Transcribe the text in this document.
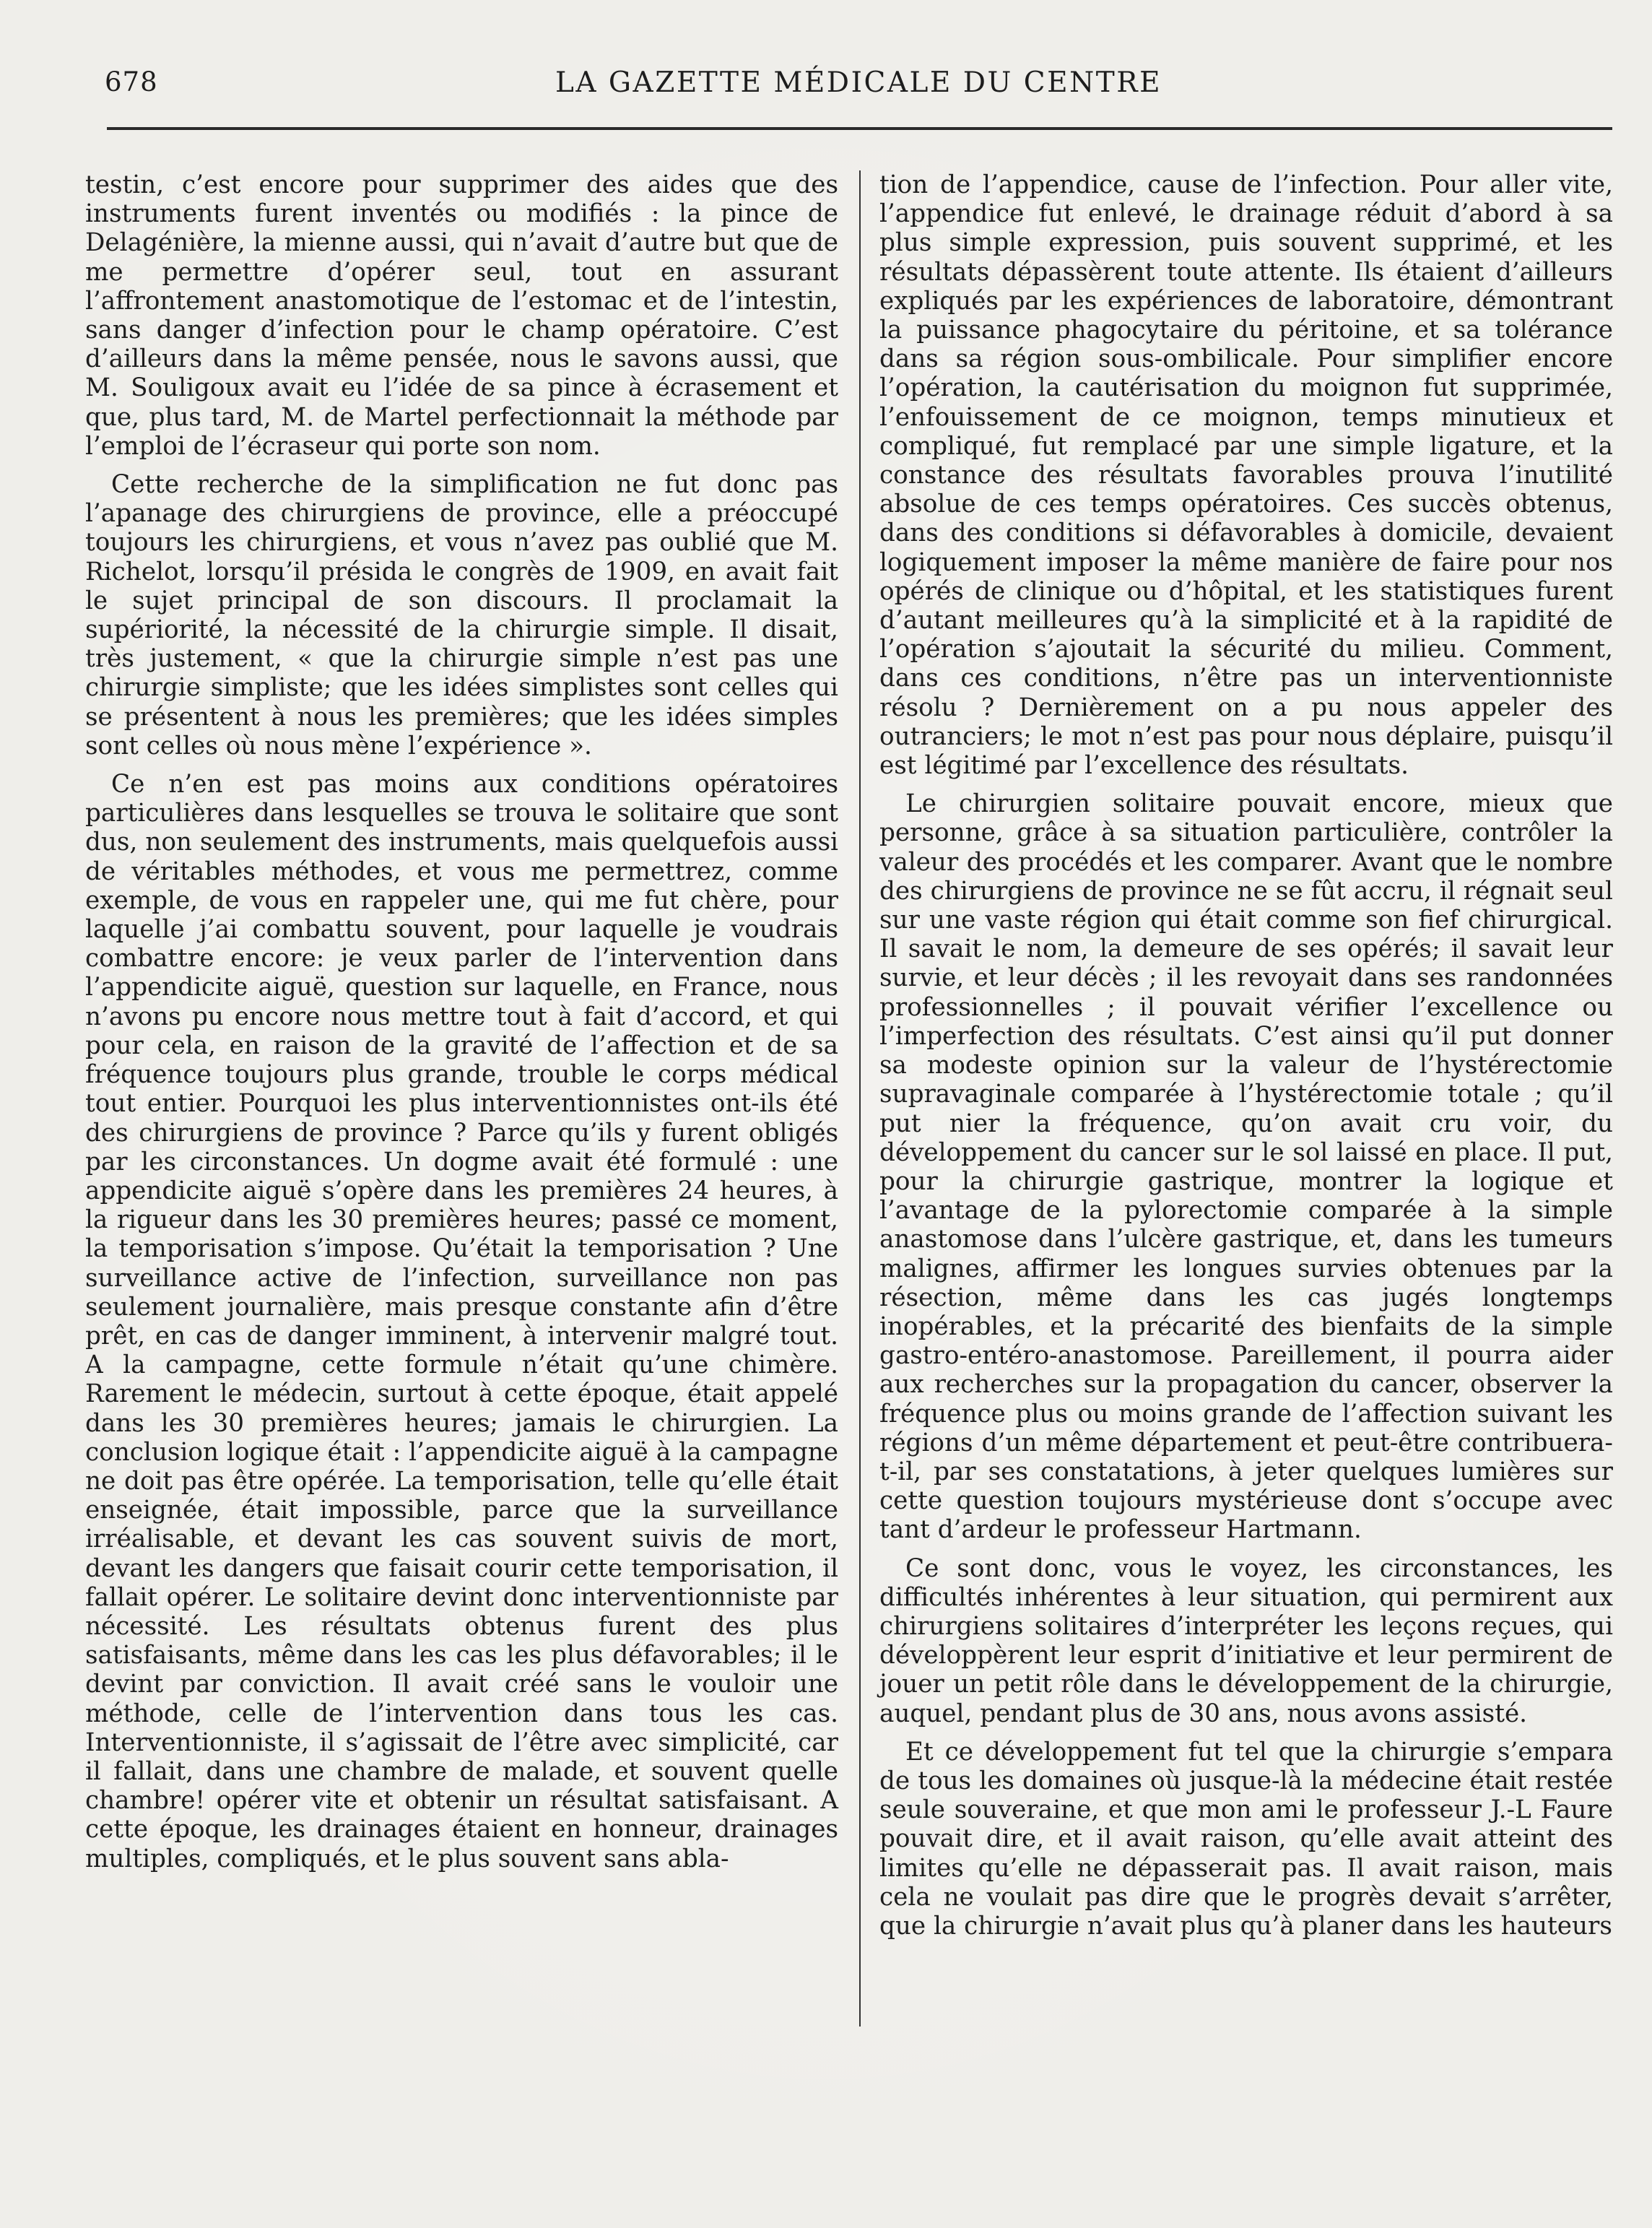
678	LA GAZETTE MÉDICALE DU CENTRE

testin, c’est encore pour supprimer des aides que des instruments furent inventés ou modifiés : la pince de Delagénière, la mienne aussi, qui n’avait d’autre but que de me permettre d’opérer seul, tout en assurant l’affrontement anastomotique de l’estomac et de l’intestin, sans danger d’infection pour le champ opératoire. C’est d’ailleurs dans la même pensée, nous le savons aussi, que M. Souligoux avait eu l’idée de sa pince à écrasement et que, plus tard, M. de Martel perfectionnait la méthode par l’emploi de l’écraseur qui porte son nom.

Cette recherche de la simplification ne fut donc pas l’apanage des chirurgiens de province, elle a préoccupé toujours les chirurgiens, et vous n’avez pas oublié que M. Richelot, lorsqu’il présida le congrès de 1909, en avait fait le sujet principal de son discours. Il proclamait la supériorité, la nécessité de la chirurgie simple. Il disait, très justement, « que la chirurgie simple n’est pas une chirurgie simpliste; que les idées simplistes sont celles qui se présentent à nous les premières; que les idées simples sont celles où nous mène l’expérience ».

Ce n’en est pas moins aux conditions opératoires particulières dans lesquelles se trouva le solitaire que sont dus, non seulement des instruments, mais quelquefois aussi de véritables méthodes, et vous me permettrez, comme exemple, de vous en rappeler une, qui me fut chère, pour laquelle j’ai combattu souvent, pour laquelle je voudrais combattre encore: je veux parler de l’intervention dans l’appendicite aiguë, question sur laquelle, en France, nous n’avons pu encore nous mettre tout à fait d’accord, et qui pour cela, en raison de la gravité de l’affection et de sa fréquence toujours plus grande, trouble le corps médical tout entier. Pourquoi les plus interventionnistes ont-ils été des chirurgiens de province ? Parce qu’ils y furent obligés par les circonstances. Un dogme avait été formulé : une appendicite aiguë s’opère dans les premières 24 heures, à la rigueur dans les 30 premières heures; passé ce moment, la temporisation s’impose. Qu’était la temporisation ? Une surveillance active de l’infection, surveillance non pas seulement journalière, mais presque constante afin d’être prêt, en cas de danger imminent, à intervenir malgré tout. A la campagne, cette formule n’était qu’une chimère. Rarement le médecin, surtout à cette époque, était appelé dans les 30 premières heures; jamais le chirurgien. La conclusion logique était : l’appendicite aiguë à la campagne ne doit pas être opérée. La temporisation, telle qu’elle était enseignée, était impossible, parce que la surveillance irréalisable, et devant les cas souvent suivis de mort, devant les dangers que faisait courir cette temporisation, il fallait opérer. Le solitaire devint donc interventionniste par nécessité. Les résultats obtenus furent des plus satisfaisants, même dans les cas les plus défavorables; il le devint par conviction. Il avait créé sans le vouloir une méthode, celle de l’intervention dans tous les cas. Interventionniste, il s’agissait de l’être avec simplicité, car il fallait, dans une chambre de malade, et souvent quelle chambre! opérer vite et obtenir un résultat satisfaisant. A cette époque, les drainages étaient en honneur, drainages multiples, compliqués, et le plus souvent sans abla-

tion de l’appendice, cause de l’infection. Pour aller vite, l’appendice fut enlevé, le drainage réduit d’abord à sa plus simple expression, puis souvent supprimé, et les résultats dépassèrent toute attente. Ils étaient d’ailleurs expliqués par les expériences de laboratoire, démontrant la puissance phagocytaire du péritoine, et sa tolérance dans sa région sous-ombilicale. Pour simplifier encore l’opération, la cautérisation du moignon fut supprimée, l’enfouissement de ce moignon, temps minutieux et compliqué, fut remplacé par une simple ligature, et la constance des résultats favorables prouva l’inutilité absolue de ces temps opératoires. Ces succès obtenus, dans des conditions si défavorables à domicile, devaient logiquement imposer la même manière de faire pour nos opérés de clinique ou d’hôpital, et les statistiques furent d’autant meilleures qu’à la simplicité et à la rapidité de l’opération s’ajoutait la sécurité du milieu. Comment, dans ces conditions, n’être pas un interventionniste résolu ? Dernièrement on a pu nous appeler des outranciers; le mot n’est pas pour nous déplaire, puisqu’il est légitimé par l’excellence des résultats.

Le chirurgien solitaire pouvait encore, mieux que personne, grâce à sa situation particulière, contrôler la valeur des procédés et les comparer. Avant que le nombre des chirurgiens de province ne se fût accru, il régnait seul sur une vaste région qui était comme son fief chirurgical. Il savait le nom, la demeure de ses opérés; il savait leur survie, et leur décès ; il les revoyait dans ses randonnées professionnelles ; il pouvait vérifier l’excellence ou l’imperfection des résultats. C’est ainsi qu’il put donner sa modeste opinion sur la valeur de l’hystérectomie supravaginale comparée à l’hystérectomie totale ; qu’il put nier la fréquence, qu’on avait cru voir, du développement du cancer sur le sol laissé en place. Il put, pour la chirurgie gastrique, montrer la logique et l’avantage de la pylorectomie comparée à la simple anastomose dans l’ulcère gastrique, et, dans les tumeurs malignes, affirmer les longues survies obtenues par la résection, même dans les cas jugés longtemps inopérables, et la précarité des bienfaits de la simple gastro-entéro-anastomose. Pareillement, il pourra aider aux recherches sur la propagation du cancer, observer la fréquence plus ou moins grande de l’affection suivant les régions d’un même département et peut-être contribuera-t-il, par ses constatations, à jeter quelques lumières sur cette question toujours mystérieuse dont s’occupe avec tant d’ardeur le professeur Hartmann.

Ce sont donc, vous le voyez, les circonstances, les difficultés inhérentes à leur situation, qui permirent aux chirurgiens solitaires d’interpréter les leçons reçues, qui développèrent leur esprit d’initiative et leur permirent de jouer un petit rôle dans le développement de la chirurgie, auquel, pendant plus de 30 ans, nous avons assisté.

Et ce développement fut tel que la chirurgie s’empara de tous les domaines où jusque-là la médecine était restée seule souveraine, et que mon ami le professeur J.-L Faure pouvait dire, et il avait raison, qu’elle avait atteint des limites qu’elle ne dépasserait pas. Il avait raison, mais cela ne voulait pas dire que le progrès devait s’arrêter, que la chirurgie n’avait plus qu’à planer dans les hauteurs
